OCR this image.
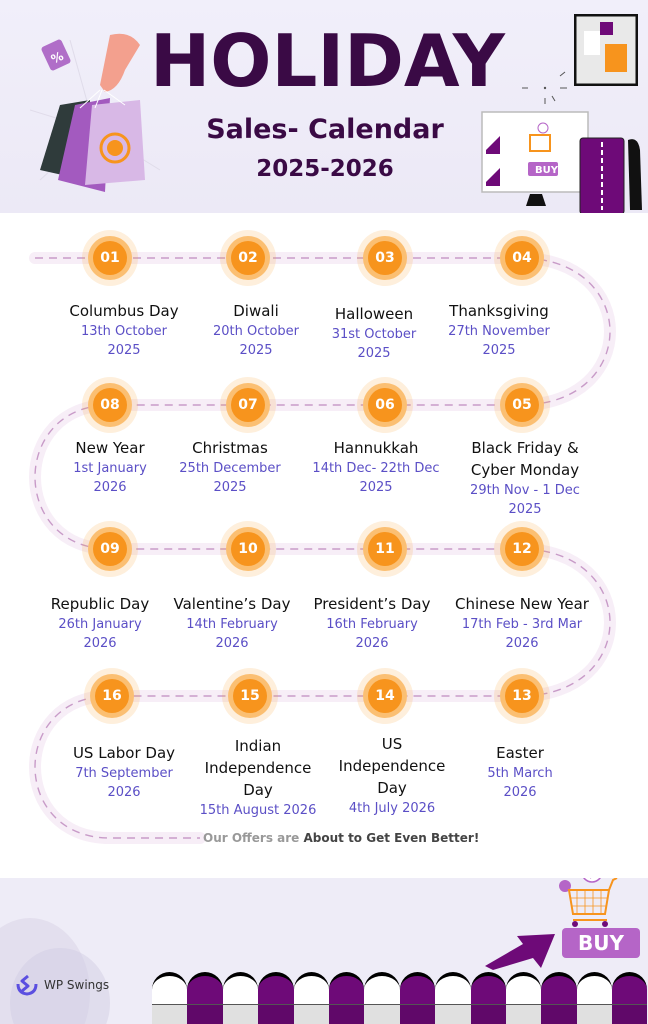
% HOLIDAY
Sales- Calendar
2025-2026	BUY
01	02	03	04
Columbus Day
13th October
2025
Diwali
20th October
2025
Halloween
31st October
2025
Thanksgiving
27th November
2025
08	07	06	05
New Year
1st January
2026
Christmas
25th December
2025
Hannukkah
14th Dec- 22th Dec
2025
Black Friday &
Cyber Monday
29th Nov - 1 Dec
2025
09	10	11	12
Republic Day
26th January
2026
Valentine’s Day
14th February
2026
President’s Day
16th February
2026
Chinese New Year
17th Feb - 3rd Mar
2026
16	15	14	13
US Labor Day
7th September
2026
Indian
Independence
Day
15th August 2026
US
Independence
Day
4th July 2026
Easter
5th March
2026
Our Offers are About to Get Even Better!
WP Swings
$
BUY
